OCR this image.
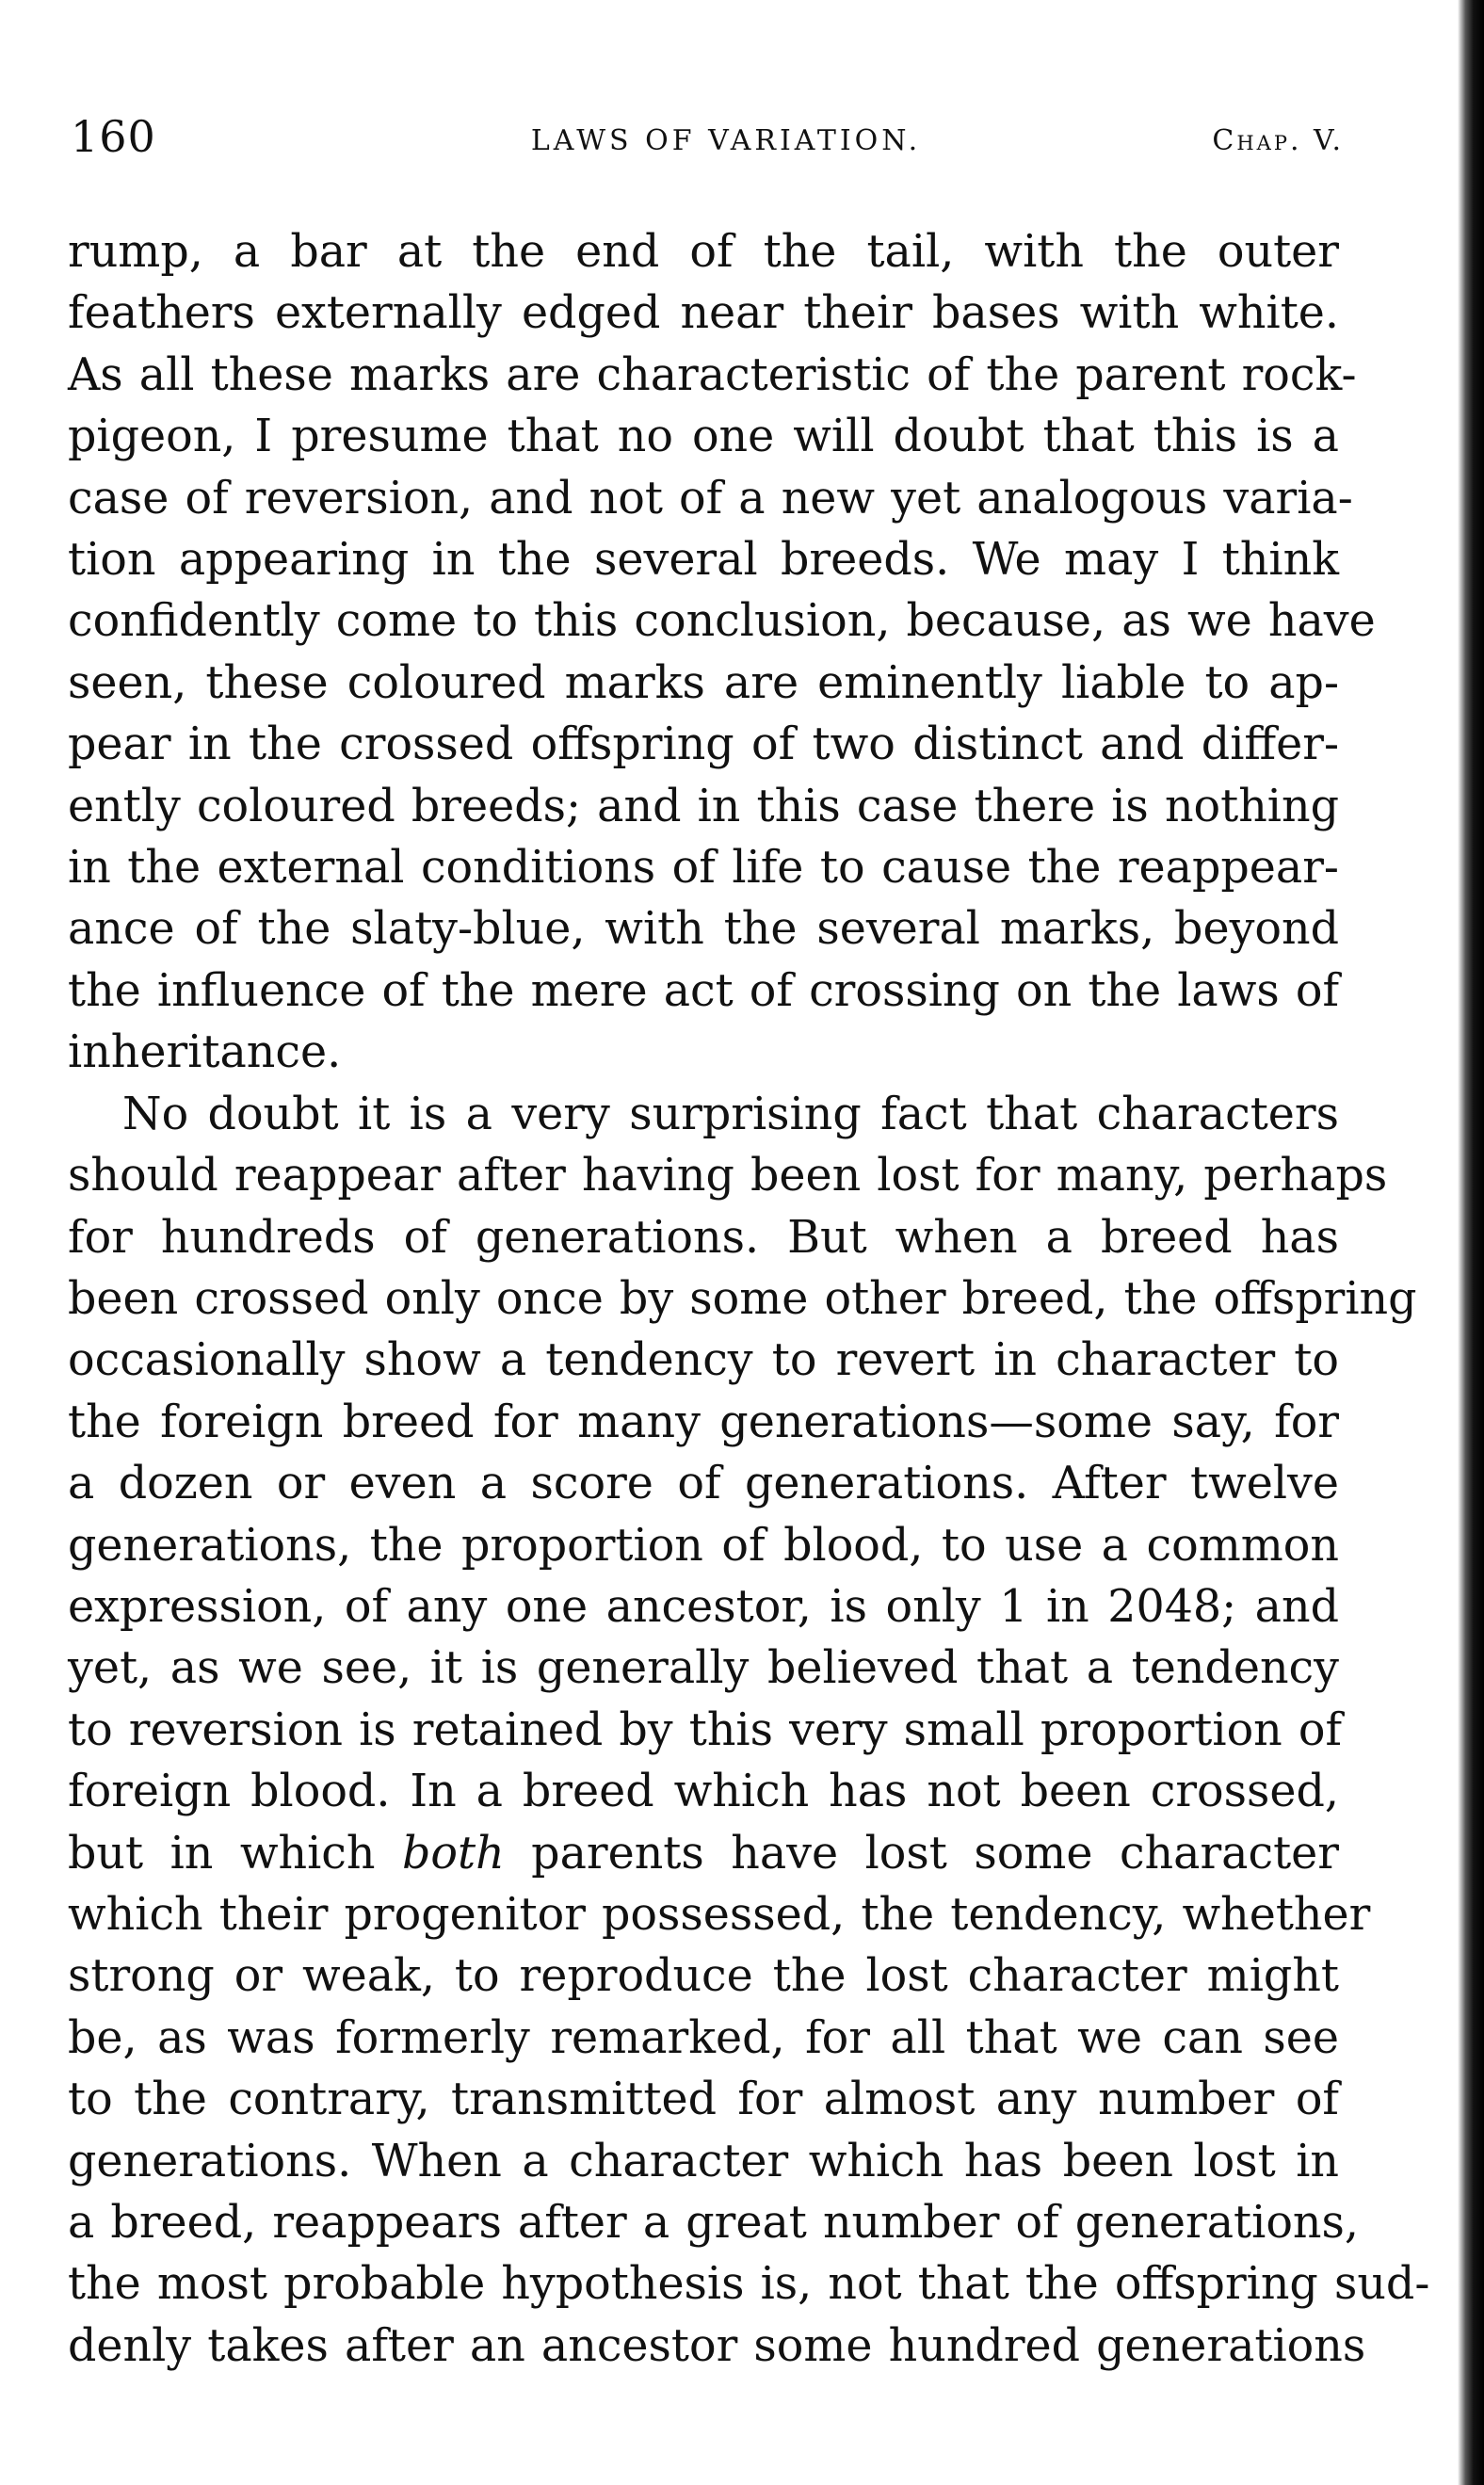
160	LAWS OF VARIATION.	Chap. V.
rump, a bar at the end of the tail, with the outer
feathers externally edged near their bases with white.
As all these marks are characteristic of the parent rock-
pigeon, I presume that no one will doubt that this is a
case of reversion, and not of a new yet analogous varia-
tion appearing in the several breeds. We may I think
confidently come to this conclusion, because, as we have
seen, these coloured marks are eminently liable to ap-
pear in the crossed offspring of two distinct and differ-
ently coloured breeds; and in this case there is nothing
in the external conditions of life to cause the reappear-
ance of the slaty-blue, with the several marks, beyond
the influence of the mere act of crossing on the laws of
inheritance.
No doubt it is a very surprising fact that characters
should reappear after having been lost for many, perhaps
for hundreds of generations. But when a breed has
been crossed only once by some other breed, the offspring
occasionally show a tendency to revert in character to
the foreign breed for many generations—some say, for
a dozen or even a score of generations. After twelve
generations, the proportion of blood, to use a common
expression, of any one ancestor, is only 1 in 2048; and
yet, as we see, it is generally believed that a tendency
to reversion is retained by this very small proportion of
foreign blood. In a breed which has not been crossed,
but in which both parents have lost some character
which their progenitor possessed, the tendency, whether
strong or weak, to reproduce the lost character might
be, as was formerly remarked, for all that we can see
to the contrary, transmitted for almost any number of
generations. When a character which has been lost in
a breed, reappears after a great number of generations,
the most probable hypothesis is, not that the offspring sud-
denly takes after an ancestor some hundred generations
